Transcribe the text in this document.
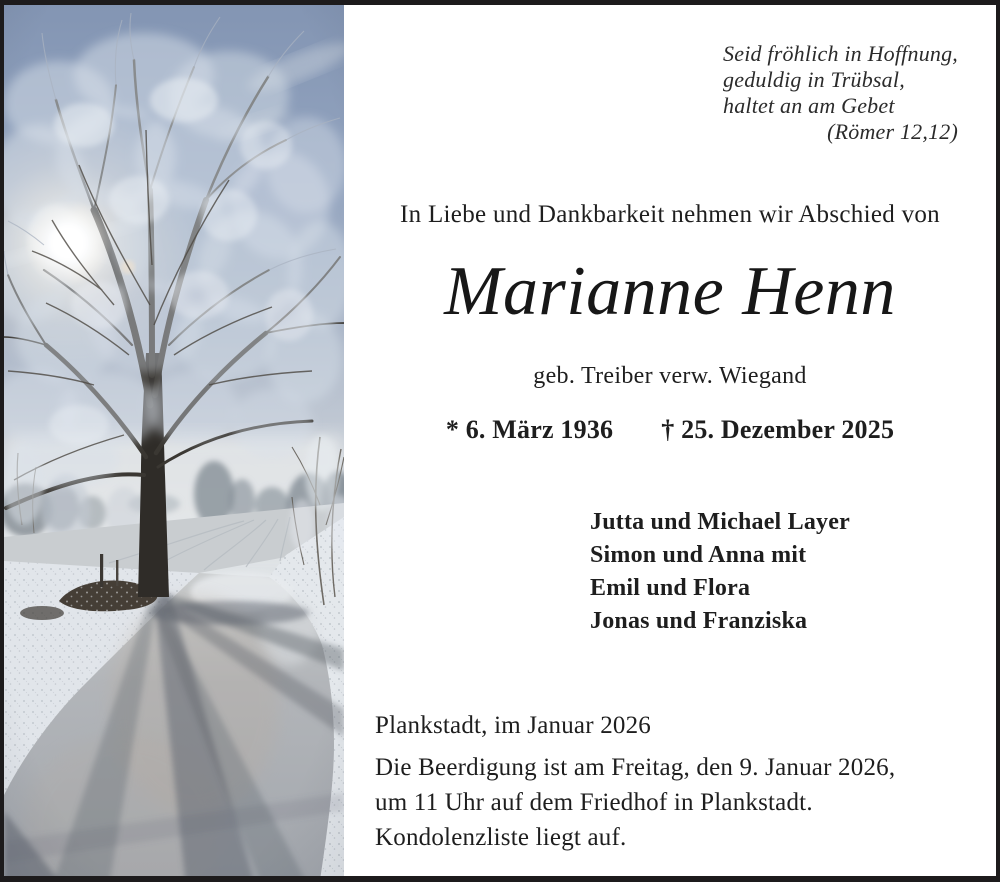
Seid fröhlich in Hoffnung,
geduldig in Trübsal,
haltet an am Gebet
(Römer 12,12)
In Liebe und Dankbarkeit nehmen wir Abschied von
Marianne Henn
geb. Treiber verw. Wiegand
* 6. März 1936 † 25. Dezember 2025
Jutta und Michael Layer
Simon und Anna mit
Emil und Flora
Jonas und Franziska
Plankstadt, im Januar 2026
Die Beerdigung ist am Freitag, den 9. Januar 2026,
um 11 Uhr auf dem Friedhof in Plankstadt.
Kondolenzliste liegt auf.
